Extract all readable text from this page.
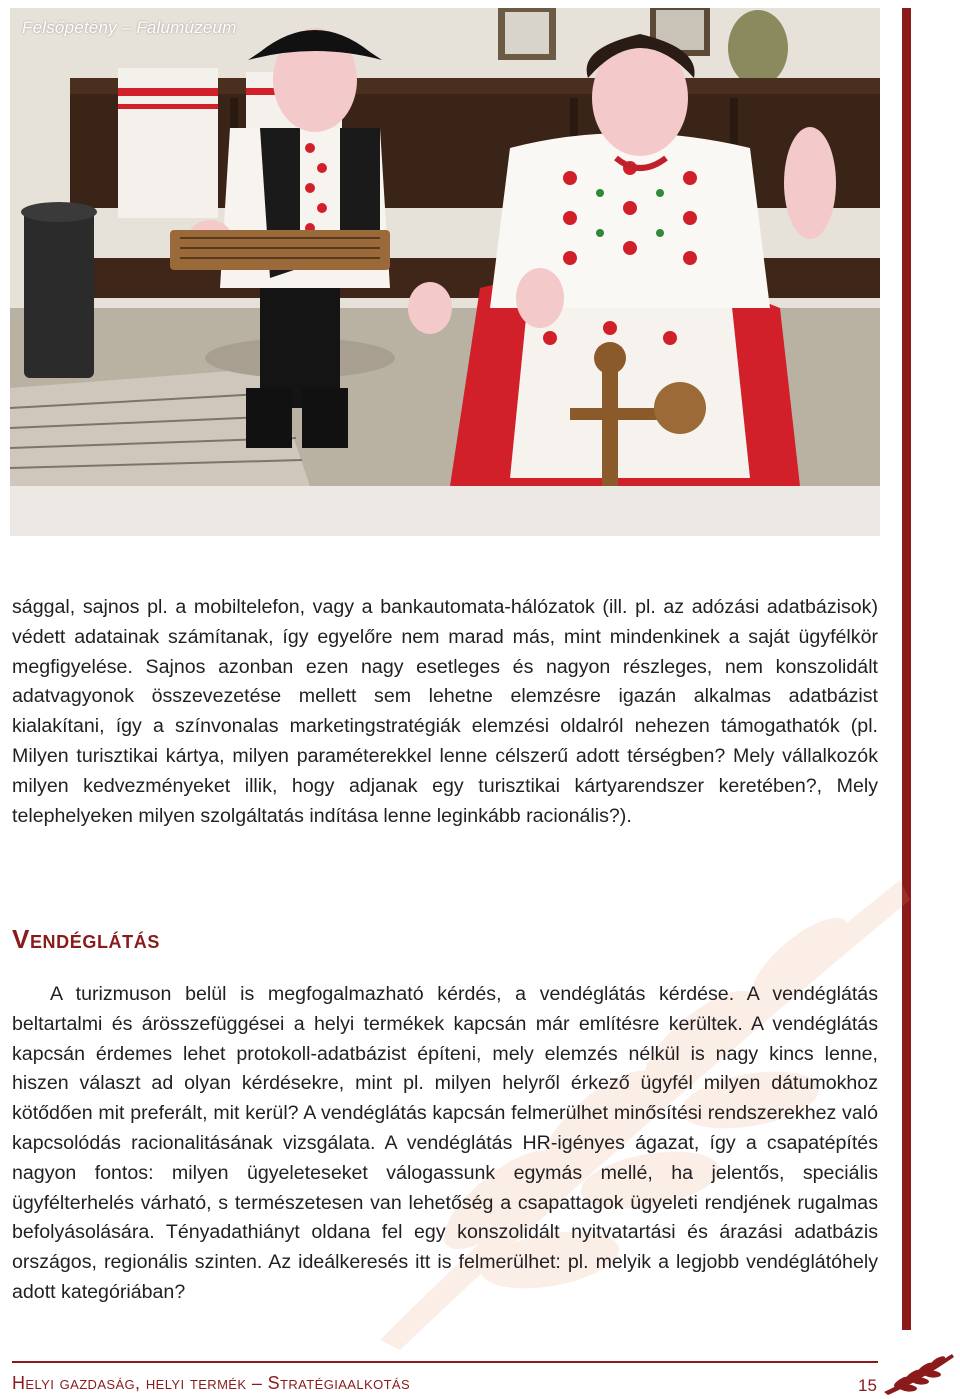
Felsőpetény – Falumúzeum

sággal, sajnos pl. a mobiltelefon, vagy a bankautomata-hálózatok (ill. pl. az adózási adatbázisok) védett adatainak számítanak, így egyelőre nem marad más, mint mindenkinek a saját ügyfélkör megfigyelése. Sajnos azonban ezen nagy esetleges és nagyon részleges, nem konszolidált adatvagyonok összevezetése mellett sem lehetne elemzésre igazán alkalmas adatbázist kialakítani, így a színvonalas marketingstratégiák elemzési oldalról nehezen támogathatók (pl. Milyen turisztikai kártya, milyen paraméterekkel lenne célszerű adott térségben? Mely vállalkozók milyen kedvezményeket illik, hogy adjanak egy turisztikai kártyarendszer keretében?, Mely telephelyeken milyen szolgáltatás indítása lenne leginkább racionális?).

Vendéglátás

A turizmuson belül is megfogalmazható kérdés, a vendéglátás kérdése. A vendéglátás beltartalmi és árösszefüggései a helyi termékek kapcsán már említésre kerültek. A vendéglátás kapcsán érdemes lehet protokoll-adatbázist építeni, mely elemzés nélkül is nagy kincs lenne, hiszen választ ad olyan kérdésekre, mint pl. milyen helyről érkező ügyfél milyen dátumokhoz kötődően mit preferált, mit kerül? A vendéglátás kapcsán felmerülhet minősítési rendszerekhez való kapcsolódás racionalitásának vizsgálata. A vendéglátás HR-igényes ágazat, így a csapatépítés nagyon fontos: milyen ügyeleteseket válogassunk egymás mellé, ha jelentős, speciális ügyfélterhelés várható, s természetesen van lehetőség a csapattagok ügyeleti rendjének rugalmas befolyásolására. Tényadathiányt oldana fel egy konszolidált nyitvatartási és árazási adatbázis országos, regionális szinten. Az ideálkeresés itt is felmerülhet: pl. melyik a legjobb vendéglátóhely adott kategóriában?

Helyi gazdaság, helyi termék – Stratégiaalkotás	15
